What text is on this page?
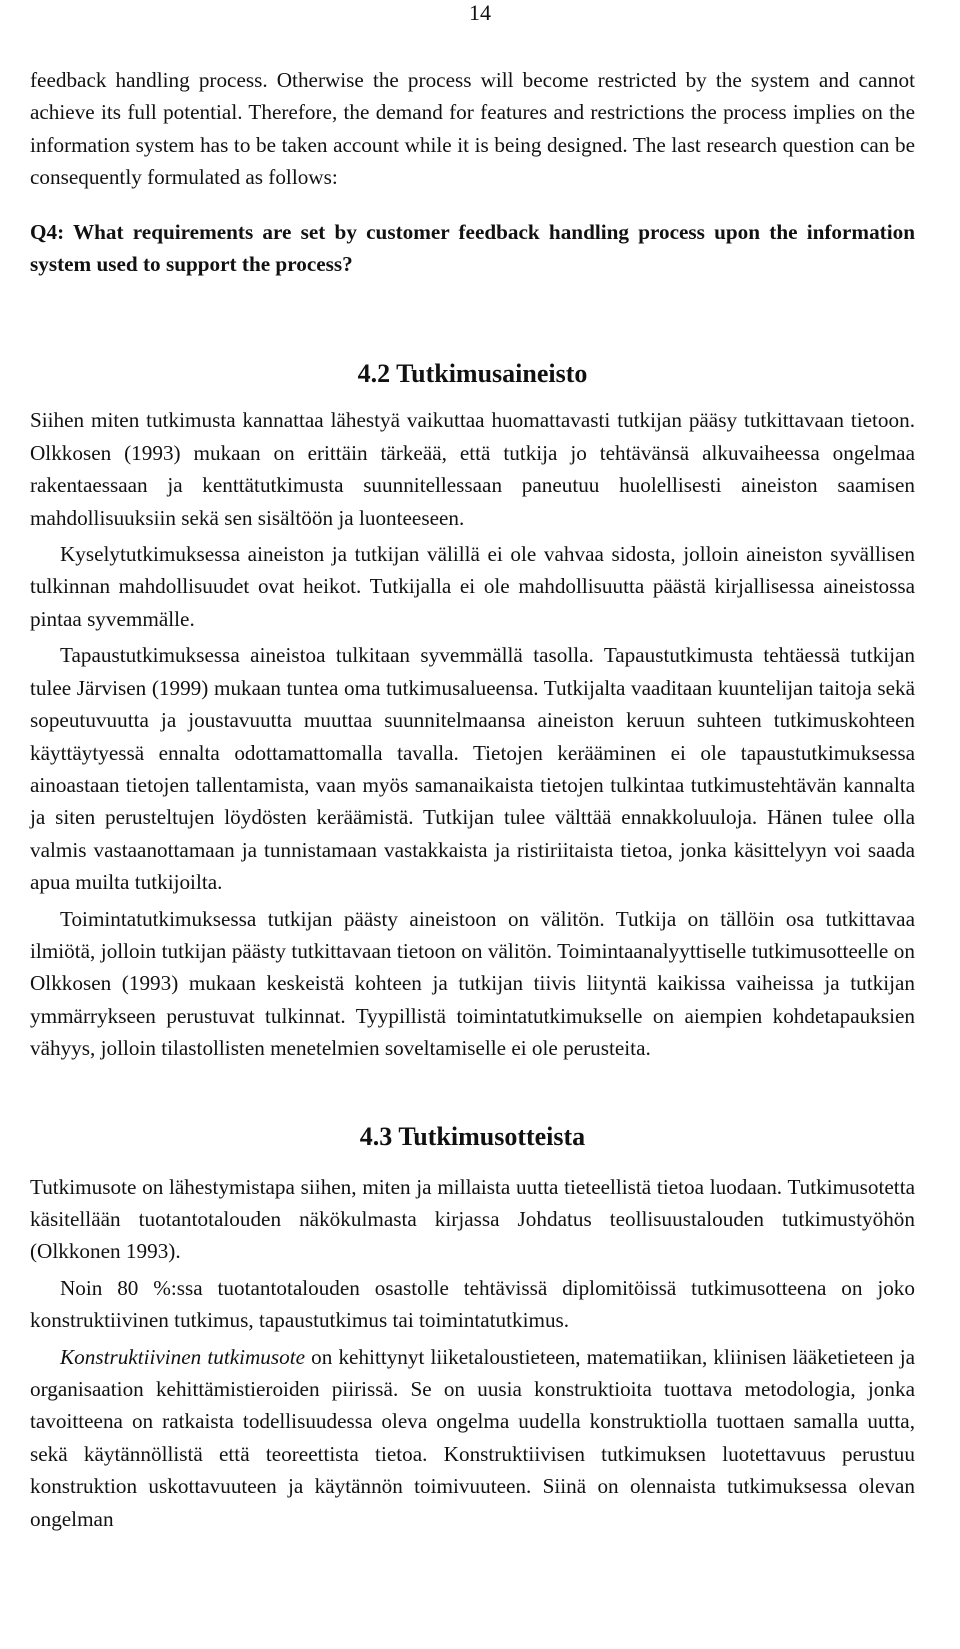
14

feedback handling process. Otherwise the process will become restricted by the system and cannot achieve its full potential. Therefore, the demand for features and restrictions the process implies on the information system has to be taken account while it is being designed. The last research question can be consequently formulated as follows:

Q4: What requirements are set by customer feedback handling process upon the information system used to support the process?

4.2 Tutkimusaineisto

Siihen miten tutkimusta kannattaa lähestyä vaikuttaa huomattavasti tutkijan pääsy tutkittavaan tietoon. Olkkosen (1993) mukaan on erittäin tärkeää, että tutkija jo tehtävänsä alkuvaiheessa ongelmaa rakentaessaan ja kenttätutkimusta suunnitellessaan paneutuu huolellisesti aineiston saamisen mahdollisuuksiin sekä sen sisältöön ja luonteeseen.

Kyselytutkimuksessa aineiston ja tutkijan välillä ei ole vahvaa sidosta, jolloin aineiston syvällisen tulkinnan mahdollisuudet ovat heikot. Tutkijalla ei ole mahdollisuutta päästä kirjallisessa aineistossa pintaa syvemmälle.

Tapaustutkimuksessa aineistoa tulkitaan syvemmällä tasolla. Tapaustutkimusta tehtäessä tutkijan tulee Järvisen (1999) mukaan tuntea oma tutkimusalueensa. Tutkijalta vaaditaan kuuntelijan taitoja sekä sopeutuvuutta ja joustavuutta muuttaa suunnitelmaansa aineiston keruun suhteen tutkimuskohteen käyttäytyessä ennalta odottamattomalla tavalla. Tietojen kerääminen ei ole tapaustutkimuksessa ainoastaan tietojen tallentamista, vaan myös samanaikaista tietojen tulkintaa tutkimustehtävän kannalta ja siten perusteltujen löydösten keräämistä. Tutkijan tulee välttää ennakkoluuloja. Hänen tulee olla valmis vastaanottamaan ja tunnistamaan vastakkaista ja ristiriitaista tietoa, jonka käsittelyyn voi saada apua muilta tutkijoilta.

Toimintatutkimuksessa tutkijan päästy aineistoon on välitön. Tutkija on tällöin osa tutkittavaa ilmiötä, jolloin tutkijan päästy tutkittavaan tietoon on välitön. Toimintaanalyyttiselle tutkimusotteelle on Olkkosen (1993) mukaan keskeistä kohteen ja tutkijan tiivis liityntä kaikissa vaiheissa ja tutkijan ymmärrykseen perustuvat tulkinnat. Tyypillistä toimintatutkimukselle on aiempien kohdetapauksien vähyys, jolloin tilastollisten menetelmien soveltamiselle ei ole perusteita.

4.3 Tutkimusotteista

Tutkimusote on lähestymistapa siihen, miten ja millaista uutta tieteellistä tietoa luodaan. Tutkimusotetta käsitellään tuotantotalouden näkökulmasta kirjassa Johdatus teollisuustalouden tutkimustyöhön (Olkkonen 1993).

Noin 80 %:ssa tuotantotalouden osastolle tehtävissä diplomitöissä tutkimusotteena on joko konstruktiivinen tutkimus, tapaustutkimus tai toimintatutkimus.

Konstruktiivinen tutkimusote on kehittynyt liiketaloustieteen, matematiikan, kliinisen lääketieteen ja organisaation kehittämistieroiden piirissä. Se on uusia konstruktioita tuottava metodologia, jonka tavoitteena on ratkaista todellisuudessa oleva ongelma uudella konstruktiolla tuottaen samalla uutta, sekä käytännöllistä että teoreettista tietoa. Konstruktiivisen tutkimuksen luotettavuus perustuu konstruktion uskottavuuteen ja käytännön toimivuuteen. Siinä on olennaista tutkimuksessa olevan ongelman
